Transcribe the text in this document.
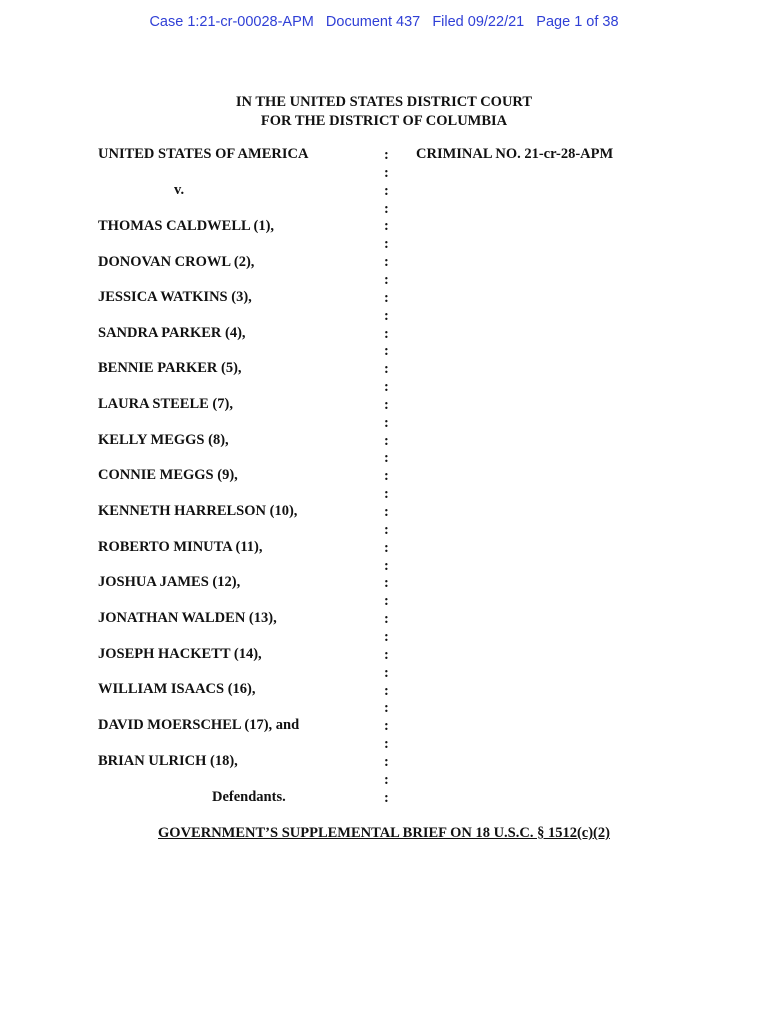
Case 1:21-cr-00028-APM   Document 437   Filed 09/22/21   Page 1 of 38
IN THE UNITED STATES DISTRICT COURT
FOR THE DISTRICT OF COLUMBIA
UNITED STATES OF AMERICA	CRIMINAL NO. 21-cr-28-APM
v.
THOMAS CALDWELL (1),
DONOVAN CROWL (2),
JESSICA WATKINS (3),
SANDRA PARKER (4),
BENNIE PARKER (5),
LAURA STEELE (7),
KELLY MEGGS (8),
CONNIE MEGGS (9),
KENNETH HARRELSON (10),
ROBERTO MINUTA (11),
JOSHUA JAMES (12),
JONATHAN WALDEN (13),
JOSEPH HACKETT (14),
WILLIAM ISAACS (16),
DAVID MOERSCHEL (17), and
BRIAN ULRICH (18),
Defendants.
:
:
:
:
:
:
:
:
:
:
:
:
:
:
:
:
:
:
:
:
:
:
:
:
:
:
:
:
:
:
:
:
:
:
:
:
:
GOVERNMENT’S SUPPLEMENTAL BRIEF ON 18 U.S.C. § 1512(c)(2)
